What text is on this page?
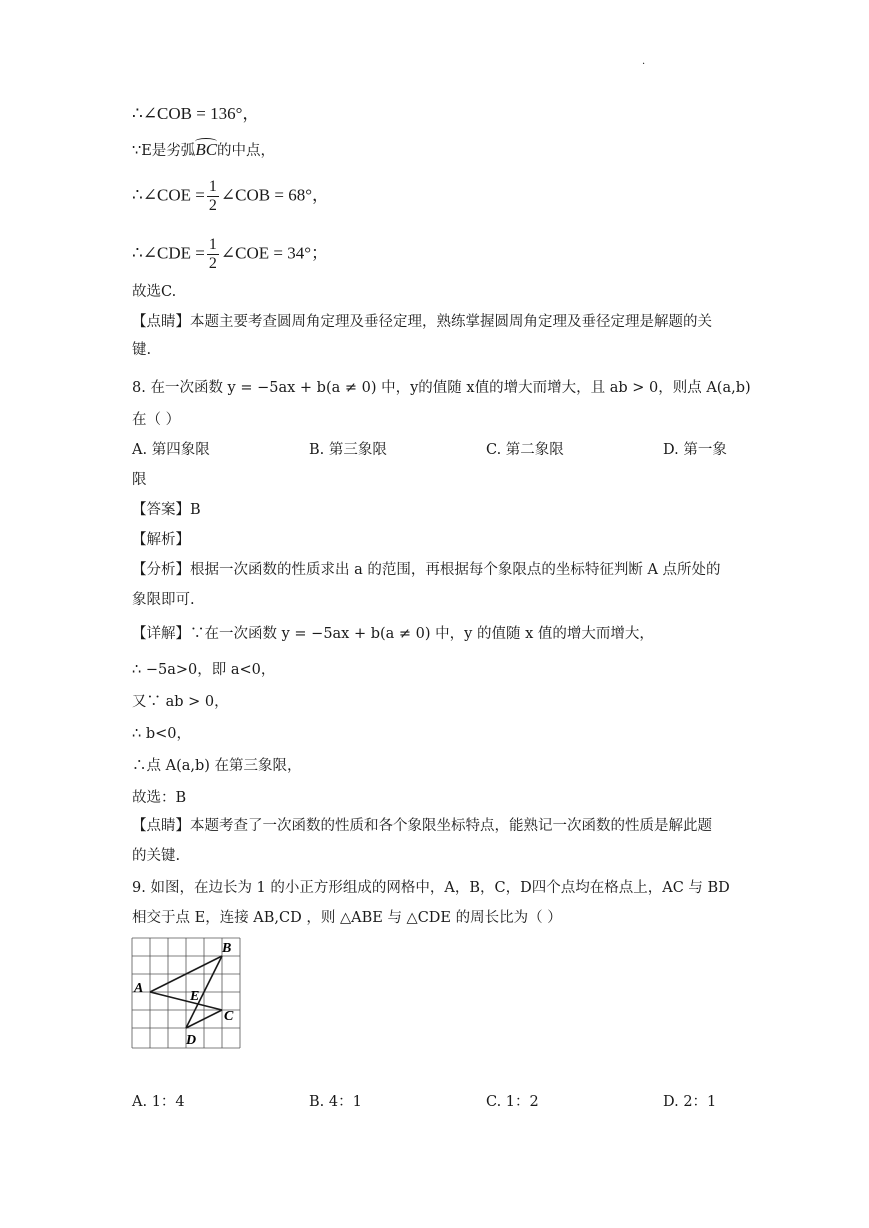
.
∴∠COB = 136°，
∵E是劣弧BC的中点，
∴∠COE = $\frac{1}{2}$ ∠COB = 68°，
∴∠CDE = $\frac{1}{2}$ ∠COE = 34°；
故选C.
【点睛】本题主要考查圆周角定理及垂径定理，熟练掌握圆周角定理及垂径定理是解题的关
键.
8. 在一次函数 y = −5ax + b(a ≠ 0) 中，y的值随 x值的增大而增大，且 ab > 0，则点 A(a,b)
在（ ）
A. 第四象限	B. 第三象限	C. 第二象限	D. 第一象
限
【答案】B
【解析】
【分析】根据一次函数的性质求出 a 的范围，再根据每个象限点的坐标特征判断 A 点所处的
象限即可.
【详解】∵在一次函数 y = −5ax + b(a ≠ 0) 中，y 的值随 x 值的增大而增大，
∴ −5a>0，即 a<0，
又∵ ab > 0，
∴ b<0，
∴点 A(a,b) 在第三象限，
故选：B
【点睛】本题考查了一次函数的性质和各个象限坐标特点，能熟记一次函数的性质是解此题
的关键.
9. 如图，在边长为 1 的小正方形组成的网格中，A，B，C，D四个点均在格点上，AC 与 BD
相交于点 E，连接 AB,CD ，则 △ABE 与 △CDE 的周长比为（ ）
A
B
C
D
E
A. 1：4	B. 4：1	C. 1：2	D. 2：1
